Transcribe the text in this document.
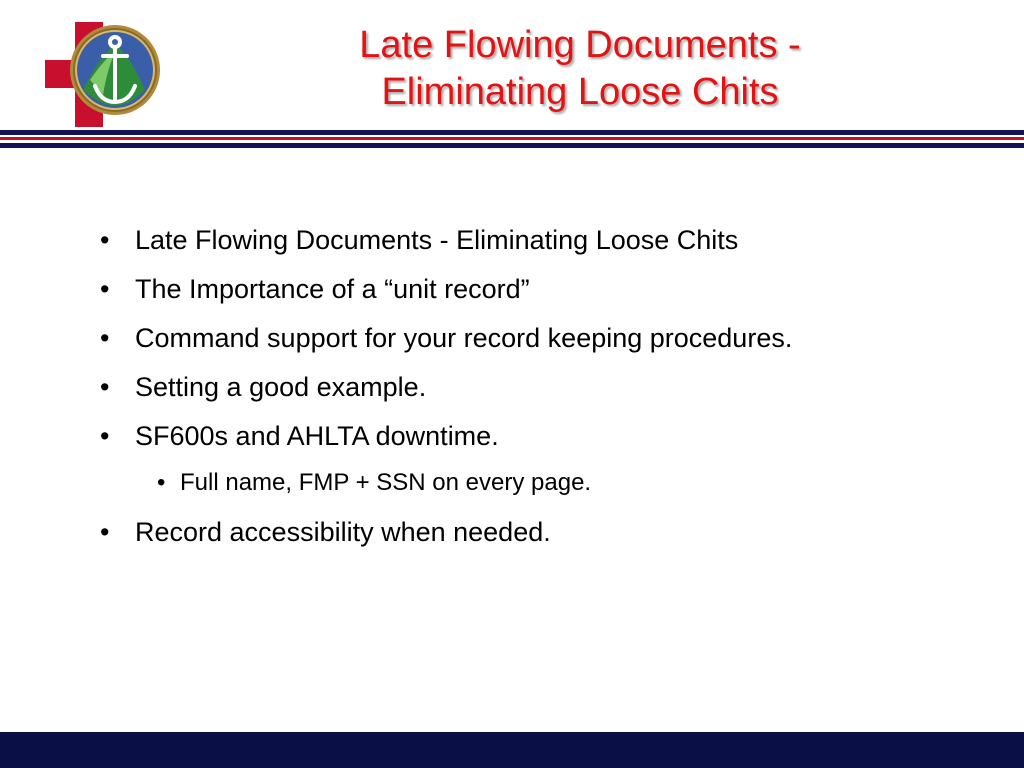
Late Flowing Documents -
Eliminating Loose Chits
• Late Flowing Documents - Eliminating Loose Chits
• The Importance of a “unit record”
• Command support for your record keeping procedures.
• Setting a good example.
• SF600s and AHLTA downtime.
• Full name, FMP + SSN on every page.
• Record accessibility when needed.
